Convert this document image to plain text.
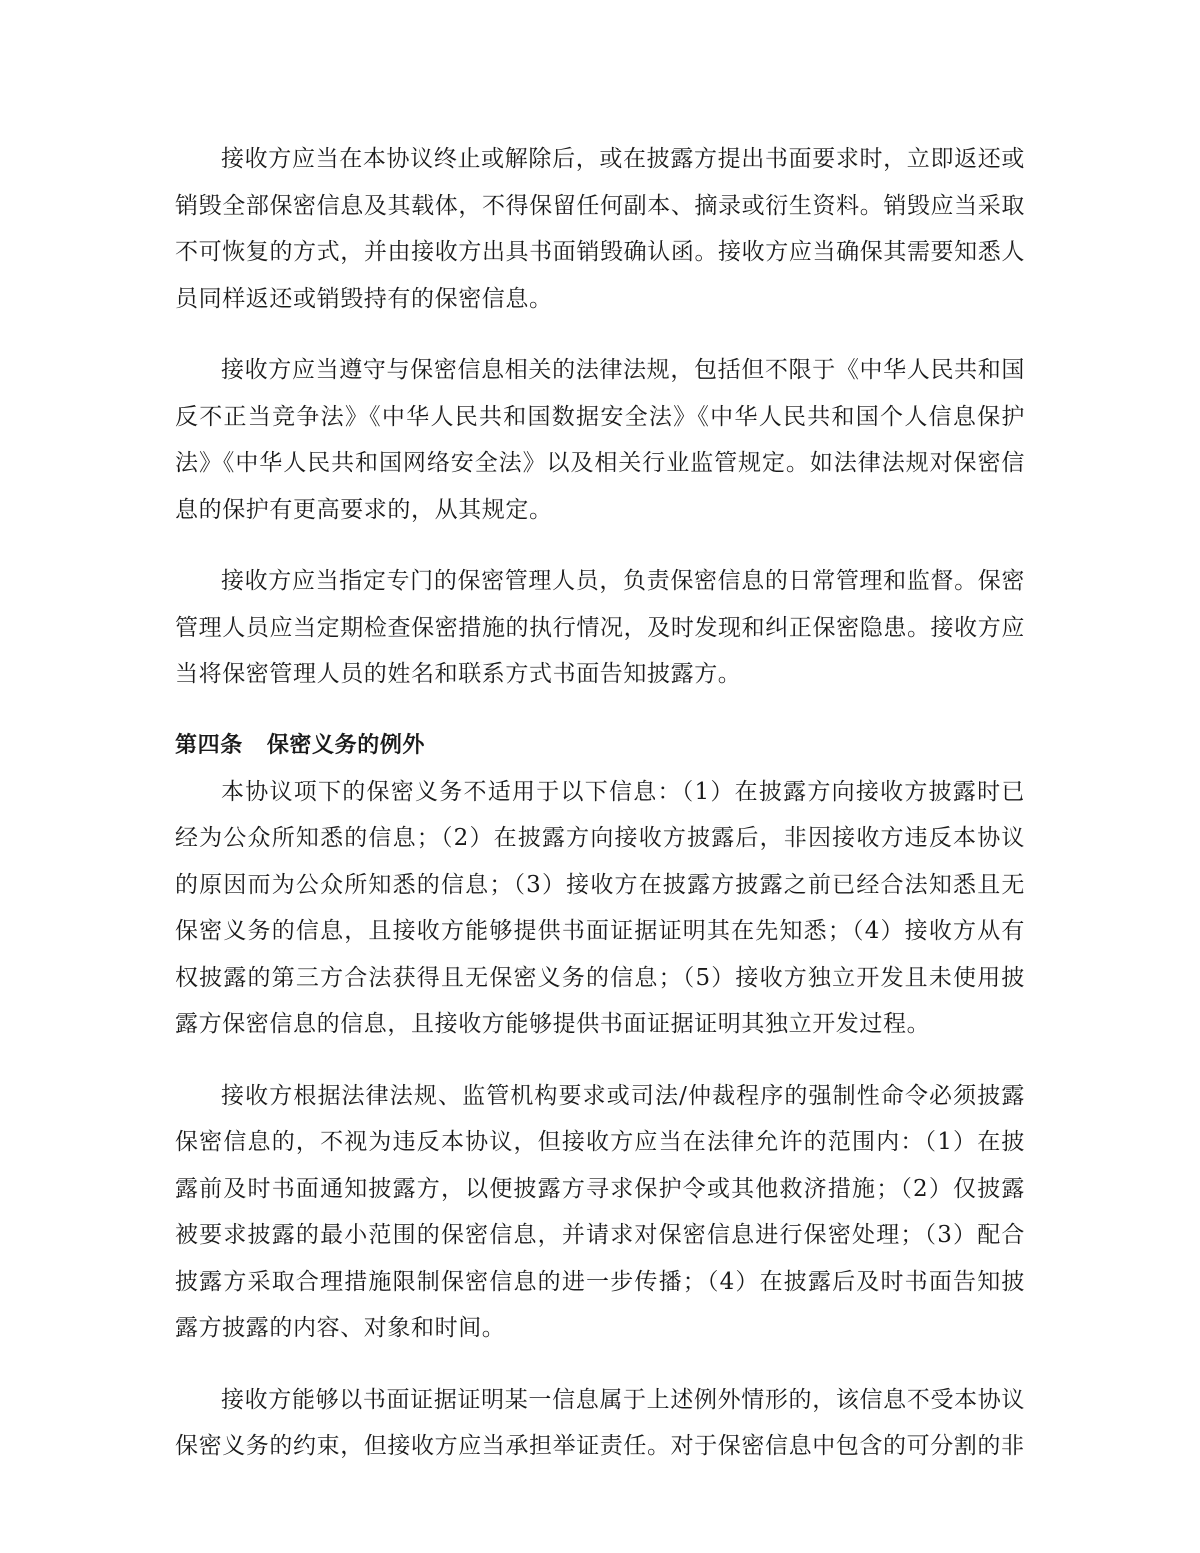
接收方应当在本协议终止或解除后，或在披露方提出书面要求时，立即返还或销毁全部保密信息及其载体，不得保留任何副本、摘录或衍生资料。销毁应当采取不可恢复的方式，并由接收方出具书面销毁确认函。接收方应当确保其需要知悉人员同样返还或销毁持有的保密信息。

接收方应当遵守与保密信息相关的法律法规，包括但不限于《中华人民共和国反不正当竞争法》《中华人民共和国数据安全法》《中华人民共和国个人信息保护法》《中华人民共和国网络安全法》以及相关行业监管规定。如法律法规对保密信息的保护有更高要求的，从其规定。

接收方应当指定专门的保密管理人员，负责保密信息的日常管理和监督。保密管理人员应当定期检查保密措施的执行情况，及时发现和纠正保密隐患。接收方应当将保密管理人员的姓名和联系方式书面告知披露方。

第四条 保密义务的例外

本协议项下的保密义务不适用于以下信息：（1）在披露方向接收方披露时已经为公众所知悉的信息；（2）在披露方向接收方披露后，非因接收方违反本协议的原因而为公众所知悉的信息；（3）接收方在披露方披露之前已经合法知悉且无保密义务的信息，且接收方能够提供书面证据证明其在先知悉；（4）接收方从有权披露的第三方合法获得且无保密义务的信息；（5）接收方独立开发且未使用披露方保密信息的信息，且接收方能够提供书面证据证明其独立开发过程。

接收方根据法律法规、监管机构要求或司法/仲裁程序的强制性命令必须披露保密信息的，不视为违反本协议，但接收方应当在法律允许的范围内：（1）在披露前及时书面通知披露方，以便披露方寻求保护令或其他救济措施；（2）仅披露被要求披露的最小范围的保密信息，并请求对保密信息进行保密处理；（3）配合披露方采取合理措施限制保密信息的进一步传播；（4）在披露后及时书面告知披露方披露的内容、对象和时间。

接收方能够以书面证据证明某一信息属于上述例外情形的，该信息不受本协议保密义务的约束，但接收方应当承担举证责任。对于保密信息中包含的可分割的非
